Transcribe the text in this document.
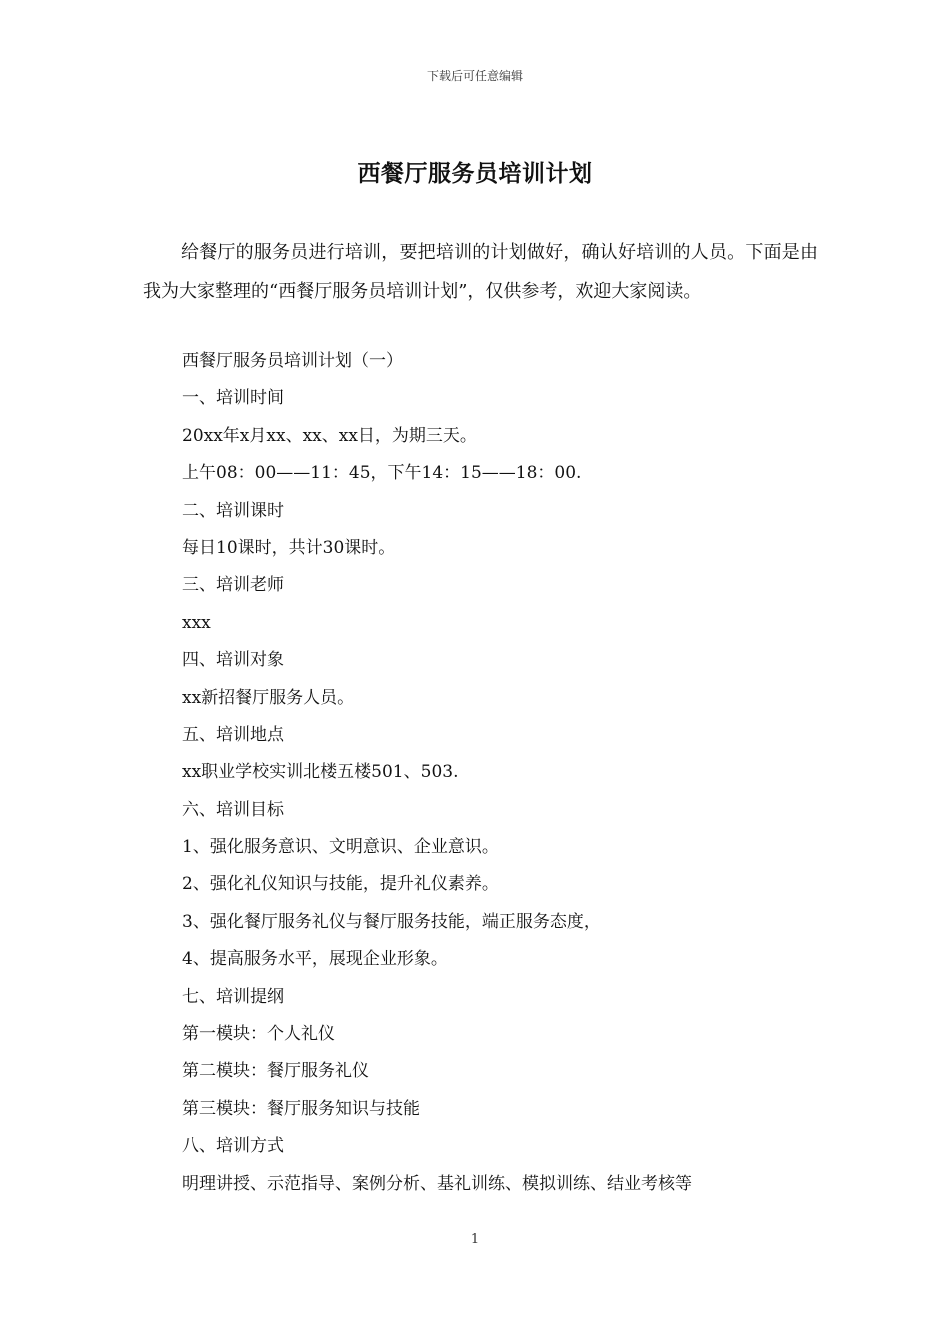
下载后可任意编辑
西餐厅服务员培训计划

给餐厅的服务员进行培训，要把培训的计划做好，确认好培训的人员。下面是由我为大家整理的“西餐厅服务员培训计划”，仅供参考，欢迎大家阅读。

西餐厅服务员培训计划（一）
一、培训时间
20xx年x月xx、xx、xx日，为期三天。
上午08：00——11：45，下午14：15——18：00.
二、培训课时
每日10课时，共计30课时。
三、培训老师
xxx
四、培训对象
xx新招餐厅服务人员。
五、培训地点
xx职业学校实训北楼五楼501、503.
六、培训目标
1、强化服务意识、文明意识、企业意识。
2、强化礼仪知识与技能，提升礼仪素养。
3、强化餐厅服务礼仪与餐厅服务技能，端正服务态度，
4、提高服务水平，展现企业形象。
七、培训提纲
第一模块：个人礼仪
第二模块：餐厅服务礼仪
第三模块：餐厅服务知识与技能
八、培训方式
明理讲授、示范指导、案例分析、基礼训练、模拟训练、结业考核等
1
